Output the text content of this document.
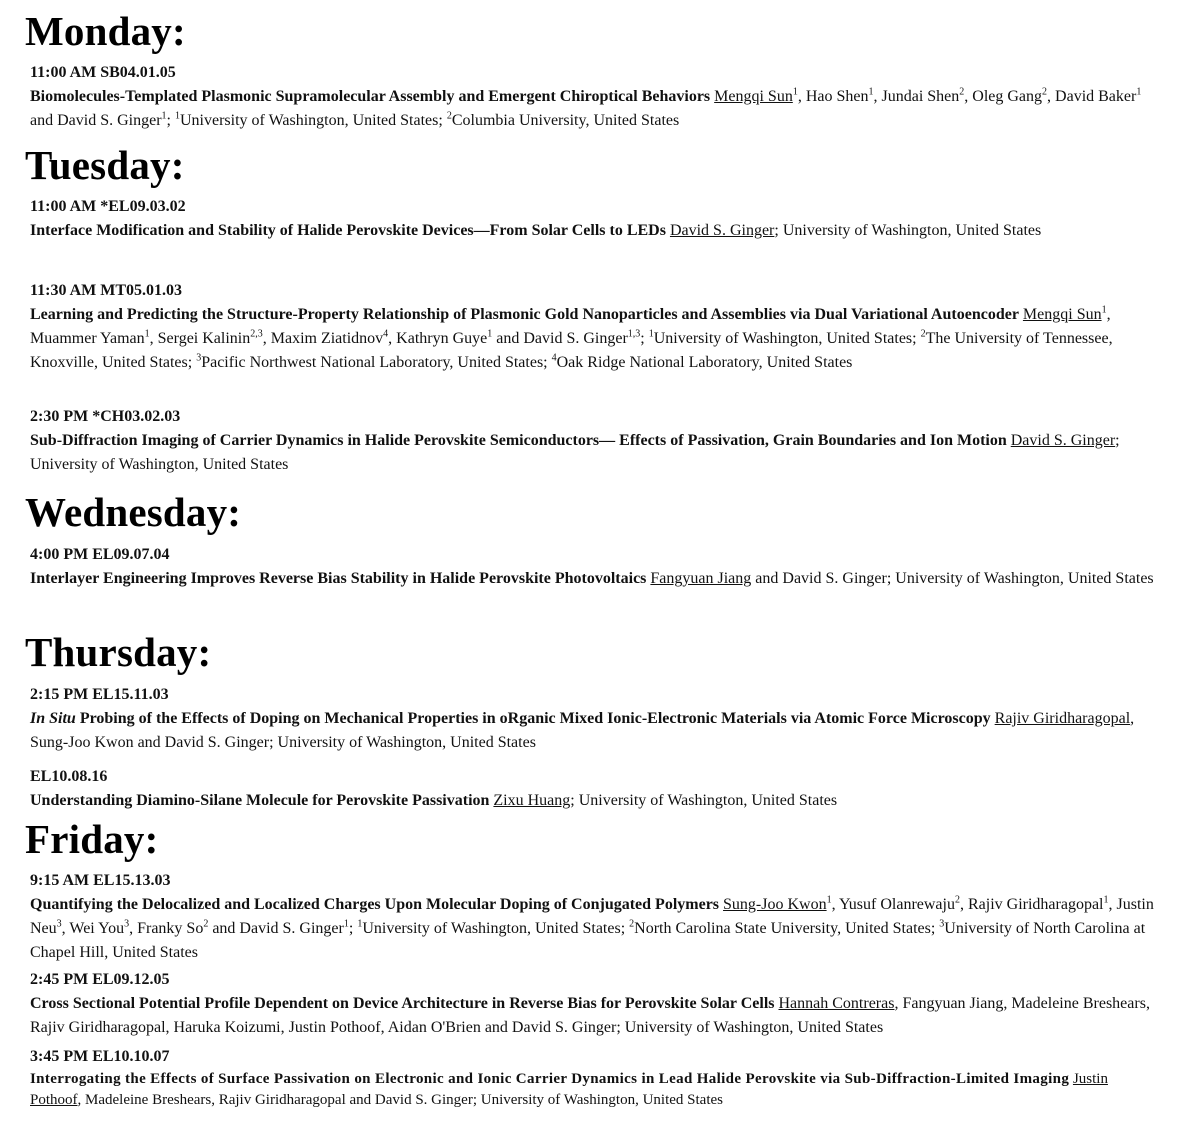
Monday:
11:00 AM SB04.01.05

Biomolecules-Templated Plasmonic Supramolecular Assembly and Emergent Chiroptical Behaviors Mengqi Sun$^1$, Hao Shen$^1$, Jundai Shen$^2$, Oleg Gang$^2$, David Baker$^1$ and David S. Ginger$^1$; $^1$University of Washington, United States; $^2$Columbia University, United States

Tuesday:
11:00 AM *EL09.03.02

Interface Modification and Stability of Halide Perovskite Devices—From Solar Cells to LEDs David S. Ginger; University of Washington, United States

11:30 AM MT05.01.03

Learning and Predicting the Structure-Property Relationship of Plasmonic Gold Nanoparticles and Assemblies via Dual Variational Autoencoder Mengqi Sun$^1$, Muammer Yaman$^1$, Sergei Kalinin$^{2,3}$, Maxim Ziatidnov$^4$, Kathryn Guye$^1$ and David S. Ginger$^{1,3}$; $^1$University of Washington, United States; $^2$The University of Tennessee, Knoxville, United States; $^3$Pacific Northwest National Laboratory, United States; $^4$Oak Ridge National Laboratory, United States

2:30 PM *CH03.02.03

Sub-Diffraction Imaging of Carrier Dynamics in Halide Perovskite Semiconductors— Effects of Passivation, Grain Boundaries and Ion Motion David S. Ginger; University of Washington, United States

Wednesday:
4:00 PM EL09.07.04

Interlayer Engineering Improves Reverse Bias Stability in Halide Perovskite Photovoltaics Fangyuan Jiang and David S. Ginger; University of Washington, United States

Thursday:
2:15 PM EL15.11.03

In Situ Probing of the Effects of Doping on Mechanical Properties in oRganic Mixed Ionic-Electronic Materials via Atomic Force Microscopy Rajiv Giridharagopal, Sung-Joo Kwon and David S. Ginger; University of Washington, United States

EL10.08.16

Understanding Diamino-Silane Molecule for Perovskite Passivation Zixu Huang; University of Washington, United States

Friday:
9:15 AM EL15.13.03

Quantifying the Delocalized and Localized Charges Upon Molecular Doping of Conjugated Polymers Sung-Joo Kwon$^1$, Yusuf Olanrewaju$^2$, Rajiv Giridharagopal$^1$, Justin Neu$^3$, Wei You$^3$, Franky So$^2$ and David S. Ginger$^1$; $^1$University of Washington, United States; $^2$North Carolina State University, United States; $^3$University of North Carolina at Chapel Hill, United States

2:45 PM EL09.12.05

Cross Sectional Potential Profile Dependent on Device Architecture in Reverse Bias for Perovskite Solar Cells Hannah Contreras, Fangyuan Jiang, Madeleine Breshears, Rajiv Giridharagopal, Haruka Koizumi, Justin Pothoof, Aidan O'Brien and David S. Ginger; University of Washington, United States

3:45 PM EL10.10.07

Interrogating the Effects of Surface Passivation on Electronic and Ionic Carrier Dynamics in Lead Halide Perovskite via Sub-Diffraction-Limited Imaging Justin Pothoof, Madeleine Breshears, Rajiv Giridharagopal and David S. Ginger; University of Washington, United States
